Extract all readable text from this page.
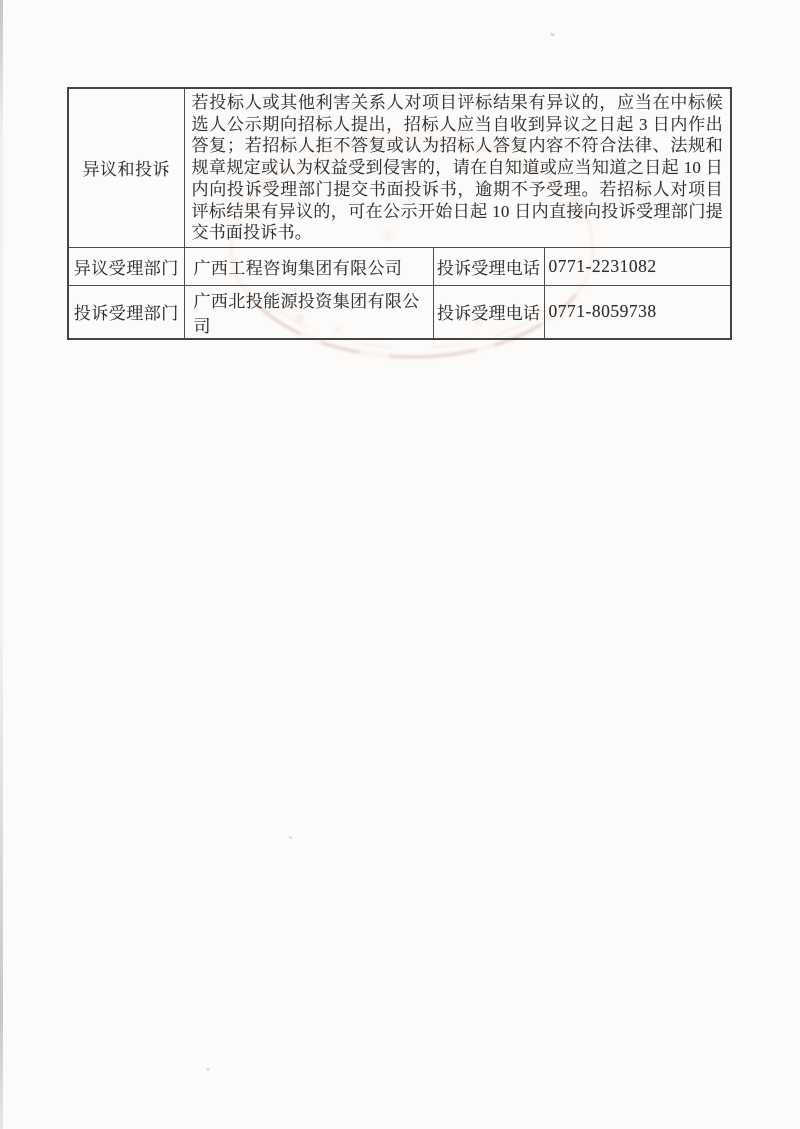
异议和投诉	若投标人或其他利害关系人对项目评标结果有异议的，应当在中标候选人公示期向招标人提出，招标人应当自收到异议之日起 3 日内作出答复；若招标人拒不答复或认为招标人答复内容不符合法律、法规和规章规定或认为权益受到侵害的，请在自知道或应当知道之日起 10 日内向投诉受理部门提交书面投诉书，逾期不予受理。若招标人对项目评标结果有异议的，可在公示开始日起 10 日内直接向投诉受理部门提交书面投诉书。		
异议受理部门	广西工程咨询集团有限公司	投诉受理电话	0771-2231082
投诉受理部门	广西北投能源投资集团有限公司	投诉受理电话	0771-8059738
